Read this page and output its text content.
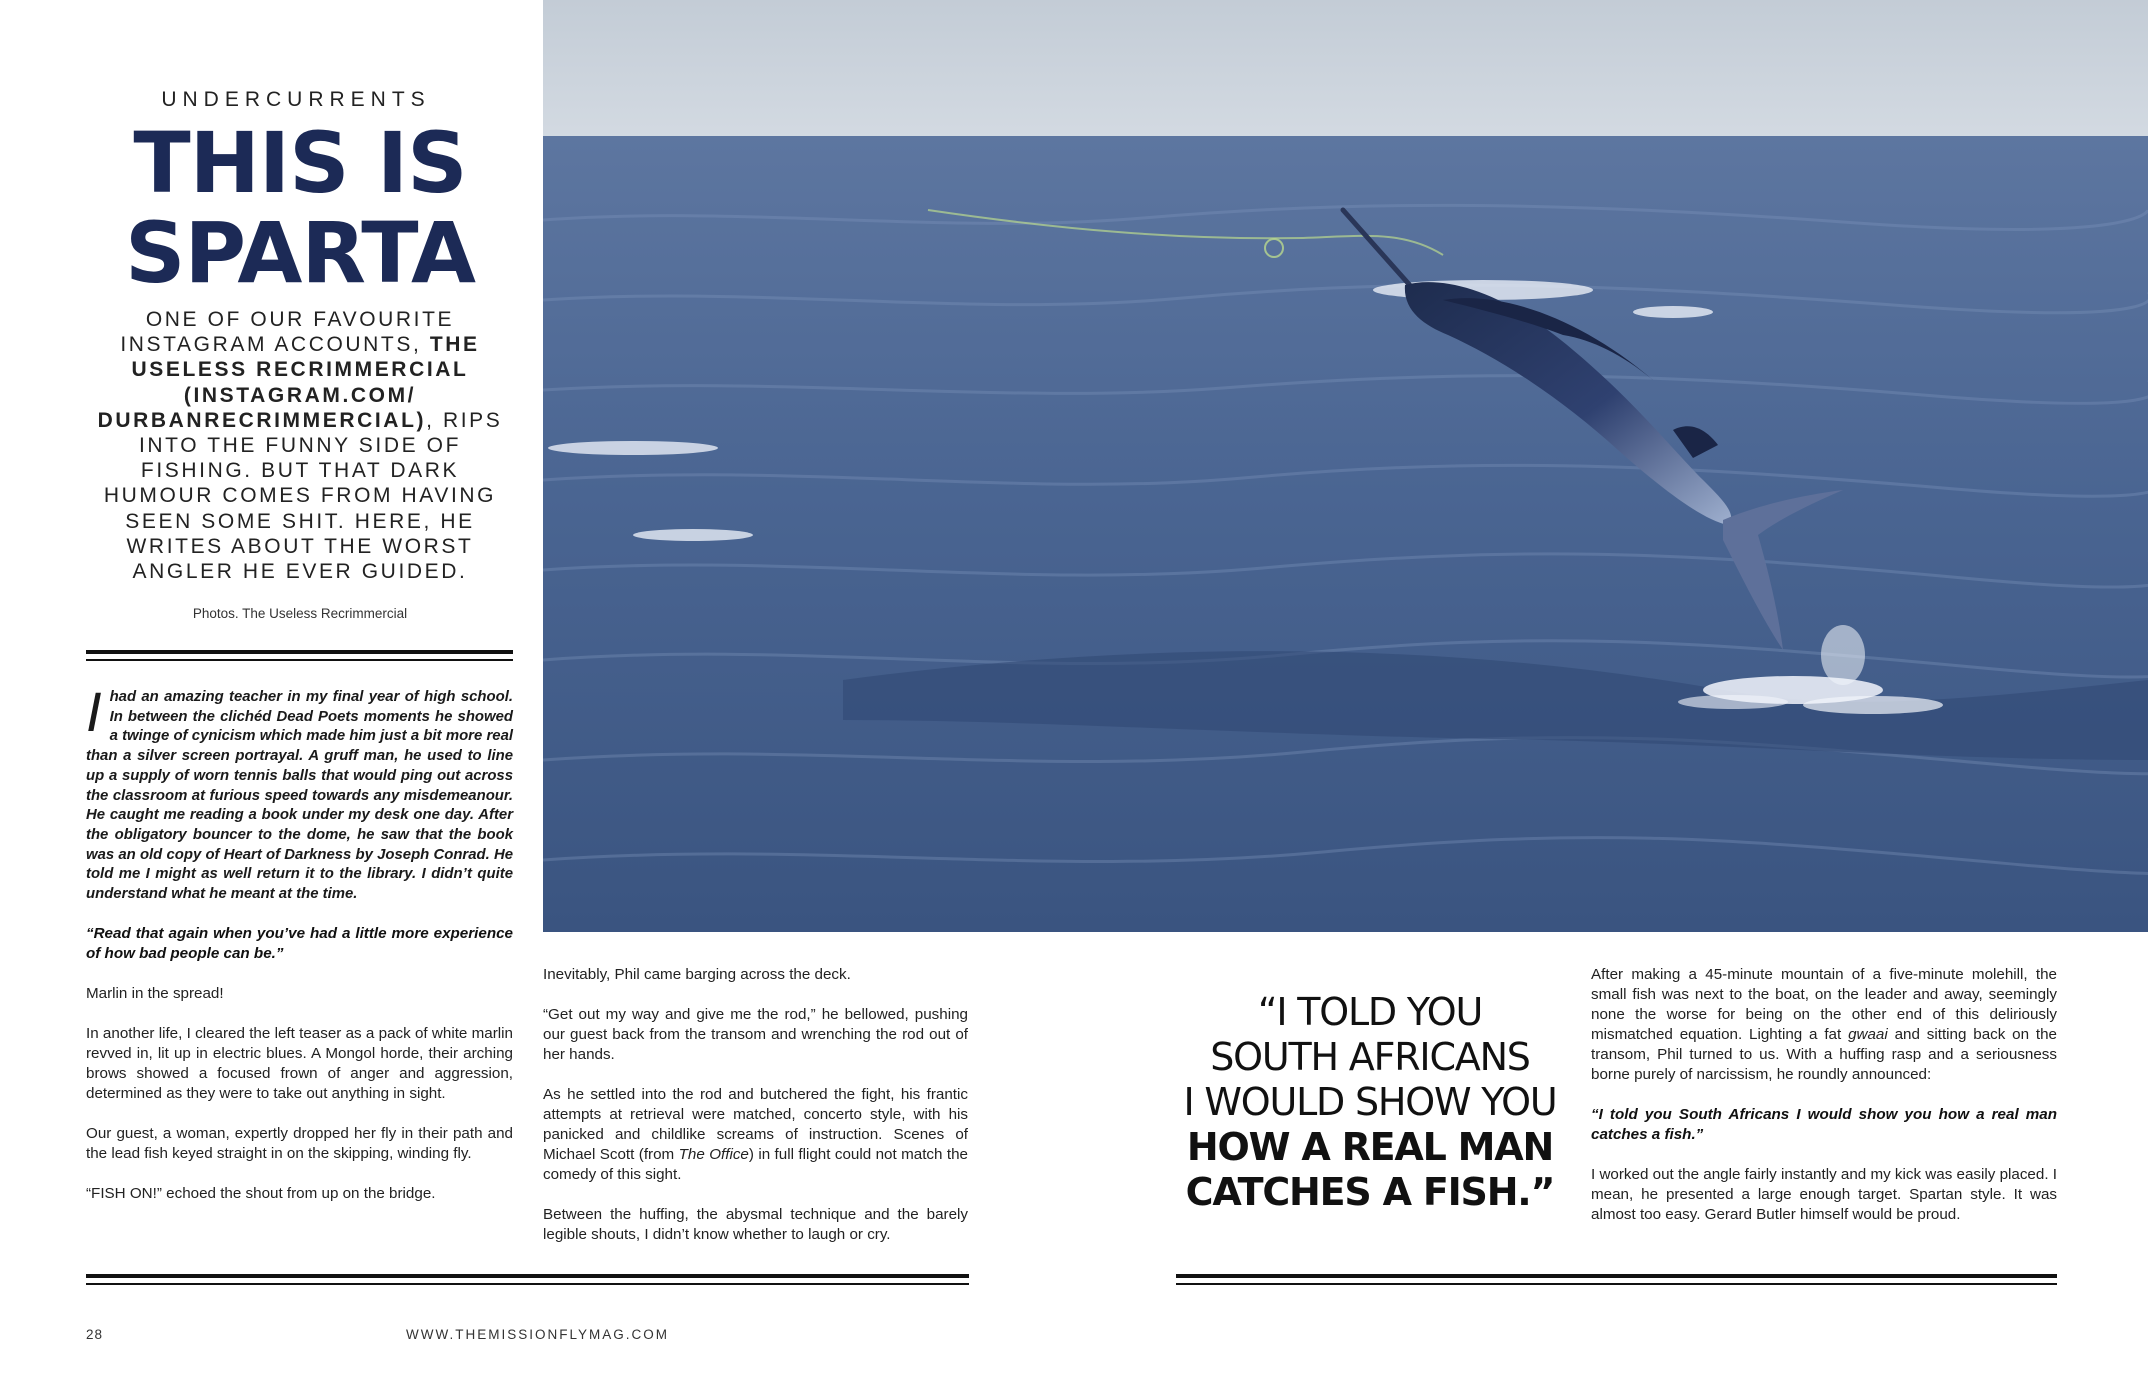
UNDERCURRENTS
THIS IS
SPARTA
ONE OF OUR FAVOURITE INSTAGRAM ACCOUNTS, THE USELESS RECRIMMERCIAL (INSTAGRAM.COM/ DURBANRECRIMMERCIAL), RIPS INTO THE FUNNY SIDE OF FISHING. BUT THAT DARK HUMOUR COMES FROM HAVING SEEN SOME SHIT. HERE, HE WRITES ABOUT THE WORST ANGLER HE EVER GUIDED.
Photos. The Useless Recrimmercial
Ihad an amazing teacher in my final year of high school. In between the clichéd Dead Poets moments he showed a twinge of cynicism which made him just a bit more real than a silver screen portrayal. A gruff man, he used to line up a supply of worn tennis balls that would ping out across the classroom at furious speed towards any misdemeanour. He caught me reading a book under my desk one day. After the obligatory bouncer to the dome, he saw that the book was an old copy of Heart of Darkness by Joseph Conrad. He told me I might as well return it to the library. I didn’t quite understand what he meant at the time.

“Read that again when you’ve had a little more experience of how bad people can be.”

Marlin in the spread!

In another life, I cleared the left teaser as a pack of white marlin revved in, lit up in electric blues. A Mongol horde, their arching brows showed a focused frown of anger and aggression, determined as they were to take out anything in sight.

Our guest, a woman, expertly dropped her fly in their path and the lead fish keyed straight in on the skipping, winding fly.

“FISH ON!” echoed the shout from up on the bridge.

Inevitably, Phil came barging across the deck.

“Get out my way and give me the rod,” he bellowed, pushing our guest back from the transom and wrenching the rod out of her hands.

As he settled into the rod and butchered the fight, his frantic attempts at retrieval were matched, concerto style, with his panicked and childlike screams of instruction. Scenes of Michael Scott (from The Office) in full flight could not match the comedy of this sight.

Between the huffing, the abysmal technique and the barely legible shouts, I didn’t know whether to laugh or cry.

“I TOLD YOU
SOUTH AFRICANS
I WOULD SHOW YOU
HOW A REAL MAN
CATCHES A FISH.”

After making a 45-minute mountain of a five-minute molehill, the small fish was next to the boat, on the leader and away, seemingly none the worse for being on the other end of this deliriously mismatched equation. Lighting a fat gwaai and sitting back on the transom, Phil turned to us. With a huffing rasp and a seriousness borne purely of narcissism, he roundly announced:

“I told you South Africans I would show you how a real man catches a fish.”

I worked out the angle fairly instantly and my kick was easily placed. I mean, he presented a large enough target. Spartan style. It was almost too easy. Gerard Butler himself would be proud.

28	WWW.THEMISSIONFLYMAG.COM
